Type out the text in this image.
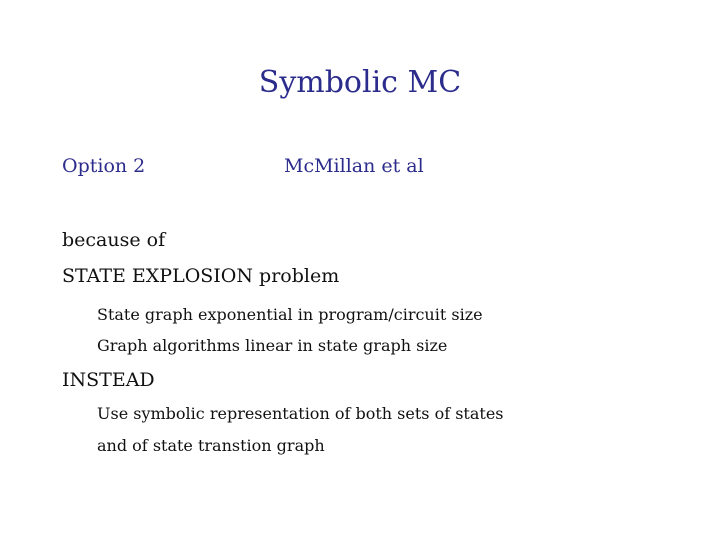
Symbolic MC
Option 2	McMillan et al
because of
STATE EXPLOSION problem
State graph exponential in program/circuit size
Graph algorithms linear in state graph size
INSTEAD
Use symbolic representation of both sets of states
and of state transtion graph
